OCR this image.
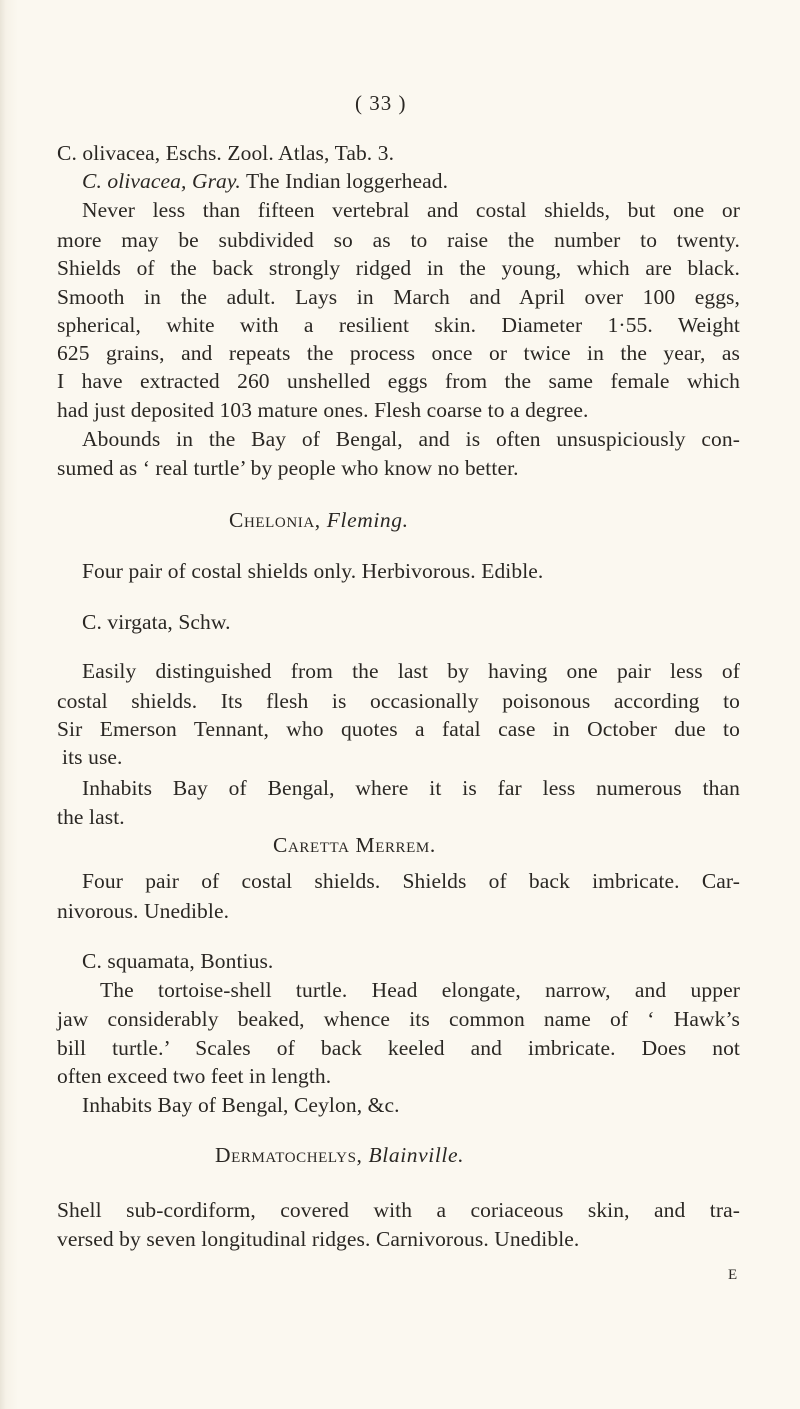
( 33 )
C. olivacea, Eschs. Zool. Atlas, Tab. 3.
C. olivacea, Gray. The Indian loggerhead.
Never less than fifteen vertebral and costal shields, but one or
more may be subdivided so as to raise the number to twenty.
Shields of the back strongly ridged in the young, which are black.
Smooth in the adult. Lays in March and April over 100 eggs,
spherical, white with a resilient skin. Diameter 1·55. Weight
625 grains, and repeats the process once or twice in the year, as
I have extracted 260 unshelled eggs from the same female which
had just deposited 103 mature ones. Flesh coarse to a degree.
Abounds in the Bay of Bengal, and is often unsuspiciously con-
sumed as ‘ real turtle’ by people who know no better.
Chelonia, Fleming.
Four pair of costal shields only. Herbivorous. Edible.
C. virgata, Schw.
Easily distinguished from the last by having one pair less of
costal shields. Its flesh is occasionally poisonous according to
Sir Emerson Tennant, who quotes a fatal case in October due to
its use.
Inhabits Bay of Bengal, where it is far less numerous than
the last.
Caretta Merrem.
Four pair of costal shields. Shields of back imbricate. Car-
nivorous. Unedible.
C. squamata, Bontius.
The tortoise-shell turtle. Head elongate, narrow, and upper
jaw considerably beaked, whence its common name of ‘ Hawk’s
bill turtle.’ Scales of back keeled and imbricate. Does not
often exceed two feet in length.
Inhabits Bay of Bengal, Ceylon, &c.
Dermatochelys, Blainville.
Shell sub-cordiform, covered with a coriaceous skin, and tra-
versed by seven longitudinal ridges. Carnivorous. Unedible.
E
